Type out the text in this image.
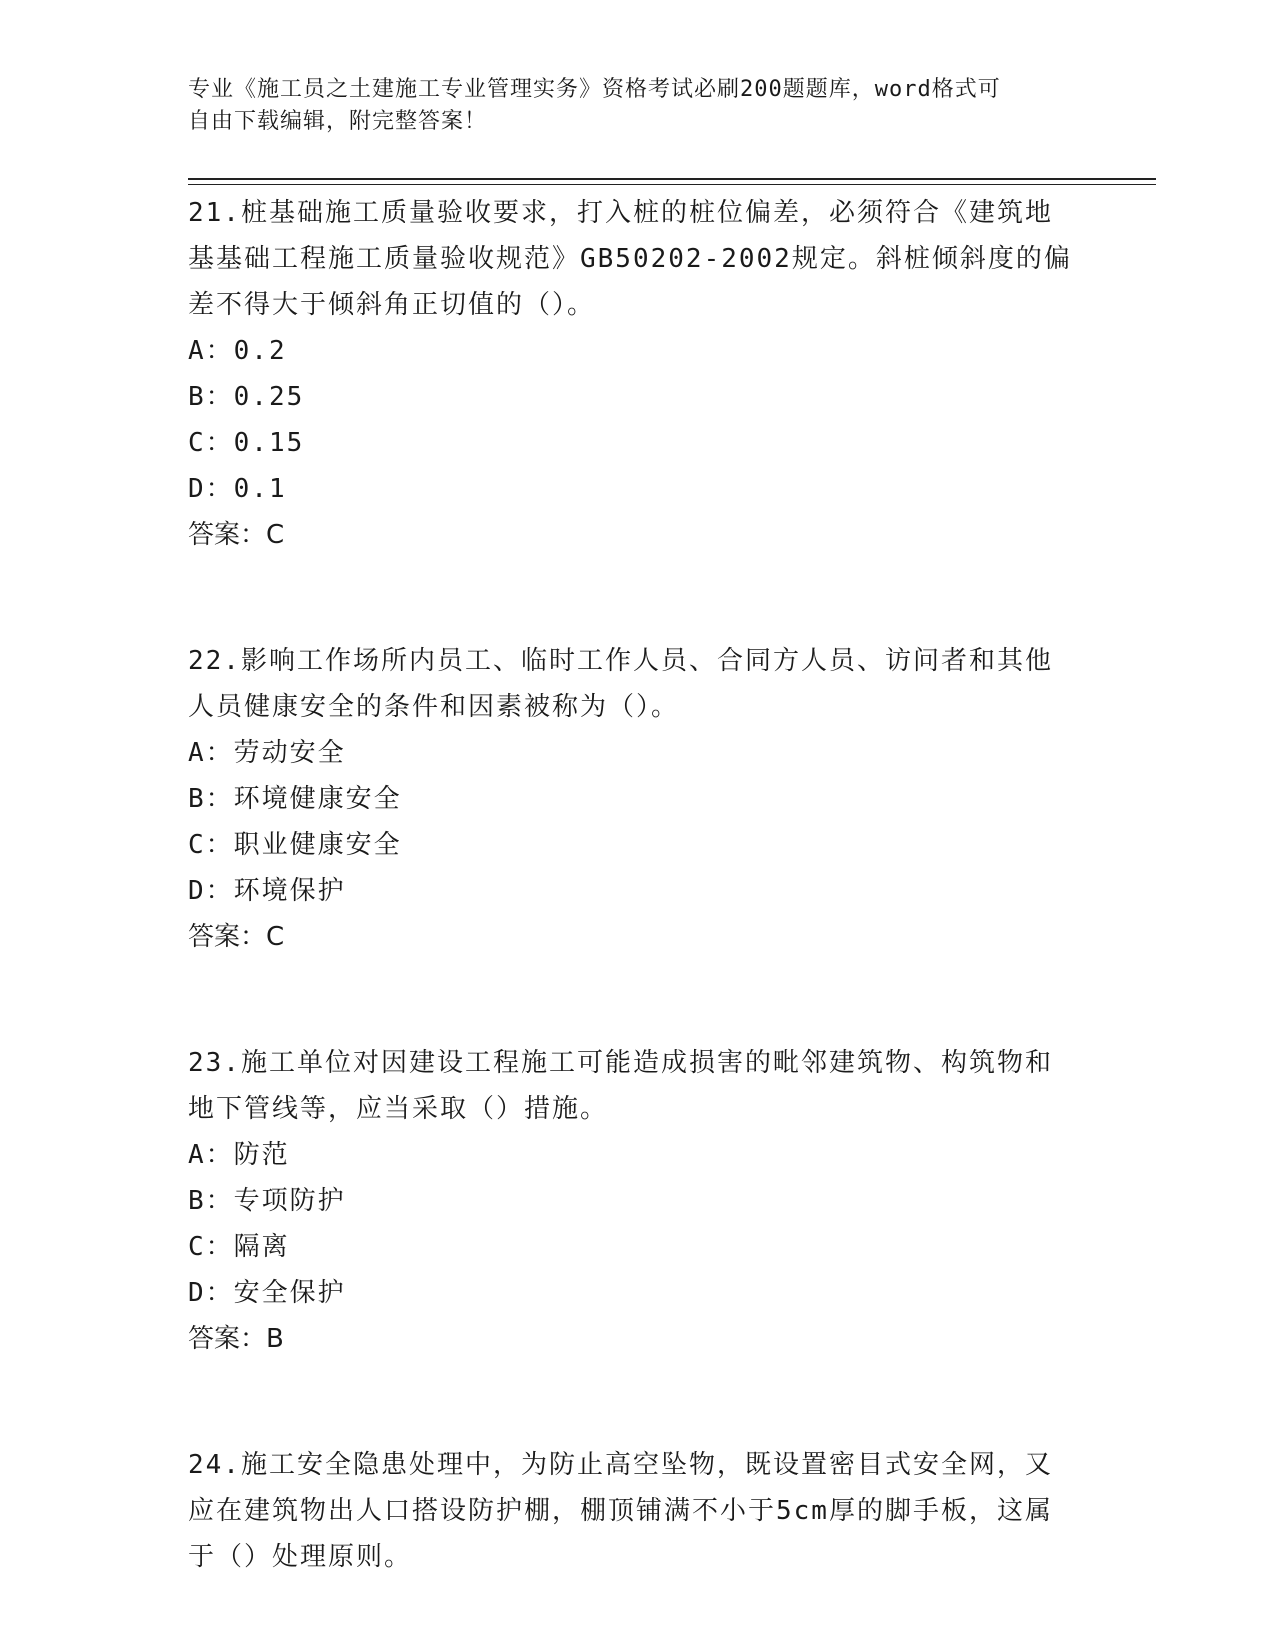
专业《施工员之土建施工专业管理实务》资格考试必刷200题题库，word格式可
自由下载编辑，附完整答案！

21.桩基础施工质量验收要求，打入桩的桩位偏差，必须符合《建筑地基基础工程施工质量验收规范》GB50202-2002规定。斜桩倾斜度的偏差不得大于倾斜角正切值的（）。

A：0.2

B：0.25

C：0.15

D：0.1

答案：C

22.影响工作场所内员工、临时工作人员、合同方人员、访问者和其他人员健康安全的条件和因素被称为（）。

A：劳动安全

B：环境健康安全

C：职业健康安全

D：环境保护

答案：C

23.施工单位对因建设工程施工可能造成损害的毗邻建筑物、构筑物和地下管线等，应当采取（）措施。

A：防范

B：专项防护

C：隔离

D：安全保护

答案：B

24.施工安全隐患处理中，为防止高空坠物，既设置密目式安全网，又应在建筑物出人口搭设防护棚，棚顶铺满不小于5cm厚的脚手板，这属于（）处理原则。
